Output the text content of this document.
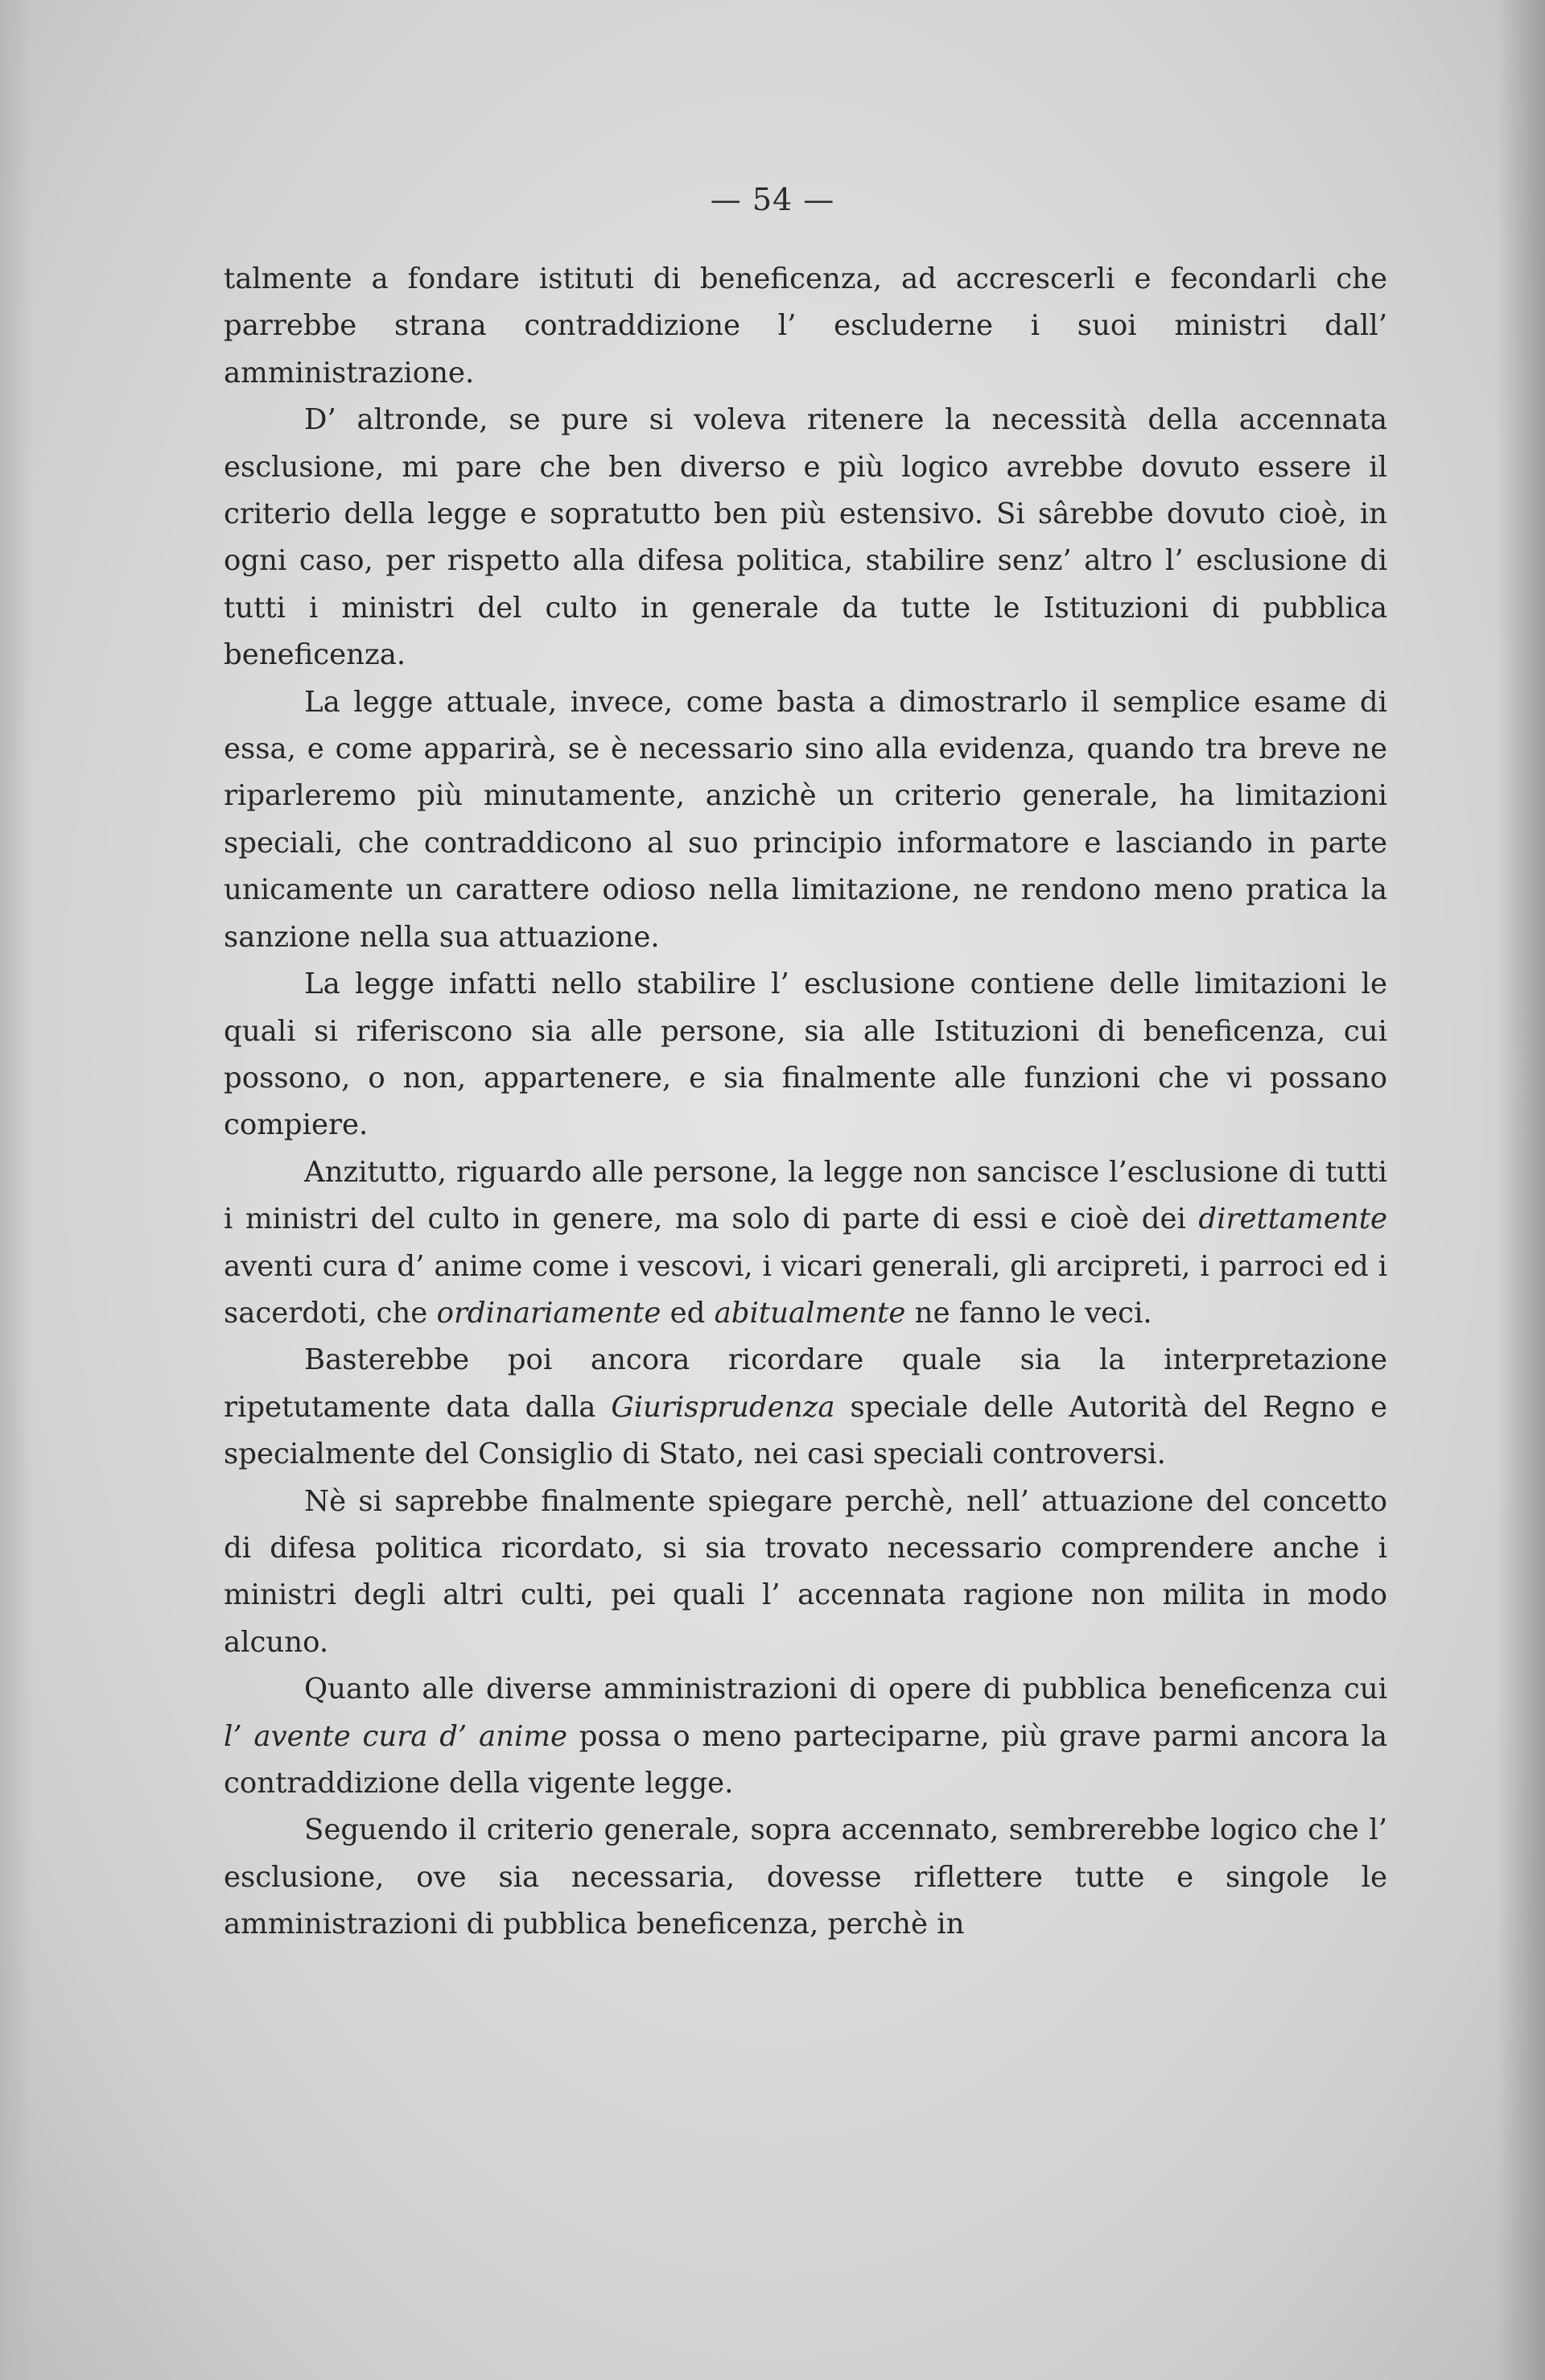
— 54 —

talmente a fondare istituti di beneficenza, ad accrescerli e fecondarli che parrebbe strana contraddizione l’ escluderne i suoi ministri dall’ amministrazione.

D’ altronde, se pure si voleva ritenere la necessità della accennata esclusione, mi pare che ben diverso e più logico avrebbe dovuto essere il criterio della legge e sopratutto ben più estensivo. Si sârebbe dovuto cioè, in ogni caso, per rispetto alla difesa politica, stabilire senz’ altro l’ esclusione di tutti i ministri del culto in generale da tutte le Istituzioni di pubblica beneficenza.

La legge attuale, invece, come basta a dimostrarlo il semplice esame di essa, e come apparirà, se è necessario sino alla evidenza, quando tra breve ne riparleremo più minutamente, anzichè un criterio generale, ha limitazioni speciali, che contraddicono al suo principio informatore e lasciando in parte unicamente un carattere odioso nella limitazione, ne rendono meno pratica la sanzione nella sua attuazione.

La legge infatti nello stabilire l’ esclusione contiene delle limitazioni le quali si riferiscono sia alle persone, sia alle Istituzioni di beneficenza, cui possono, o non, appartenere, e sia finalmente alle funzioni che vi possano compiere.

Anzitutto, riguardo alle persone, la legge non sancisce l’esclusione di tutti i ministri del culto in genere, ma solo di parte di essi e cioè dei direttamente aventi cura d’ anime come i vescovi, i vicari generali, gli arcipreti, i parroci ed i sacerdoti, che ordinariamente ed abitualmente ne fanno le veci.

Basterebbe poi ancora ricordare quale sia la interpretazione ripetutamente data dalla Giurisprudenza speciale delle Autorità del Regno e specialmente del Consiglio di Stato, nei casi speciali controversi.

Nè si saprebbe finalmente spiegare perchè, nell’ attuazione del concetto di difesa politica ricordato, si sia trovato necessario comprendere anche i ministri degli altri culti, pei quali l’ accennata ragione non milita in modo alcuno.

Quanto alle diverse amministrazioni di opere di pubblica beneficenza cui l’ avente cura d’ anime possa o meno parteciparne, più grave parmi ancora la contraddizione della vigente legge.

Seguendo il criterio generale, sopra accennato, sembrerebbe logico che l’ esclusione, ove sia necessaria, dovesse riflettere tutte e singole le amministrazioni di pubblica beneficenza, perchè in
